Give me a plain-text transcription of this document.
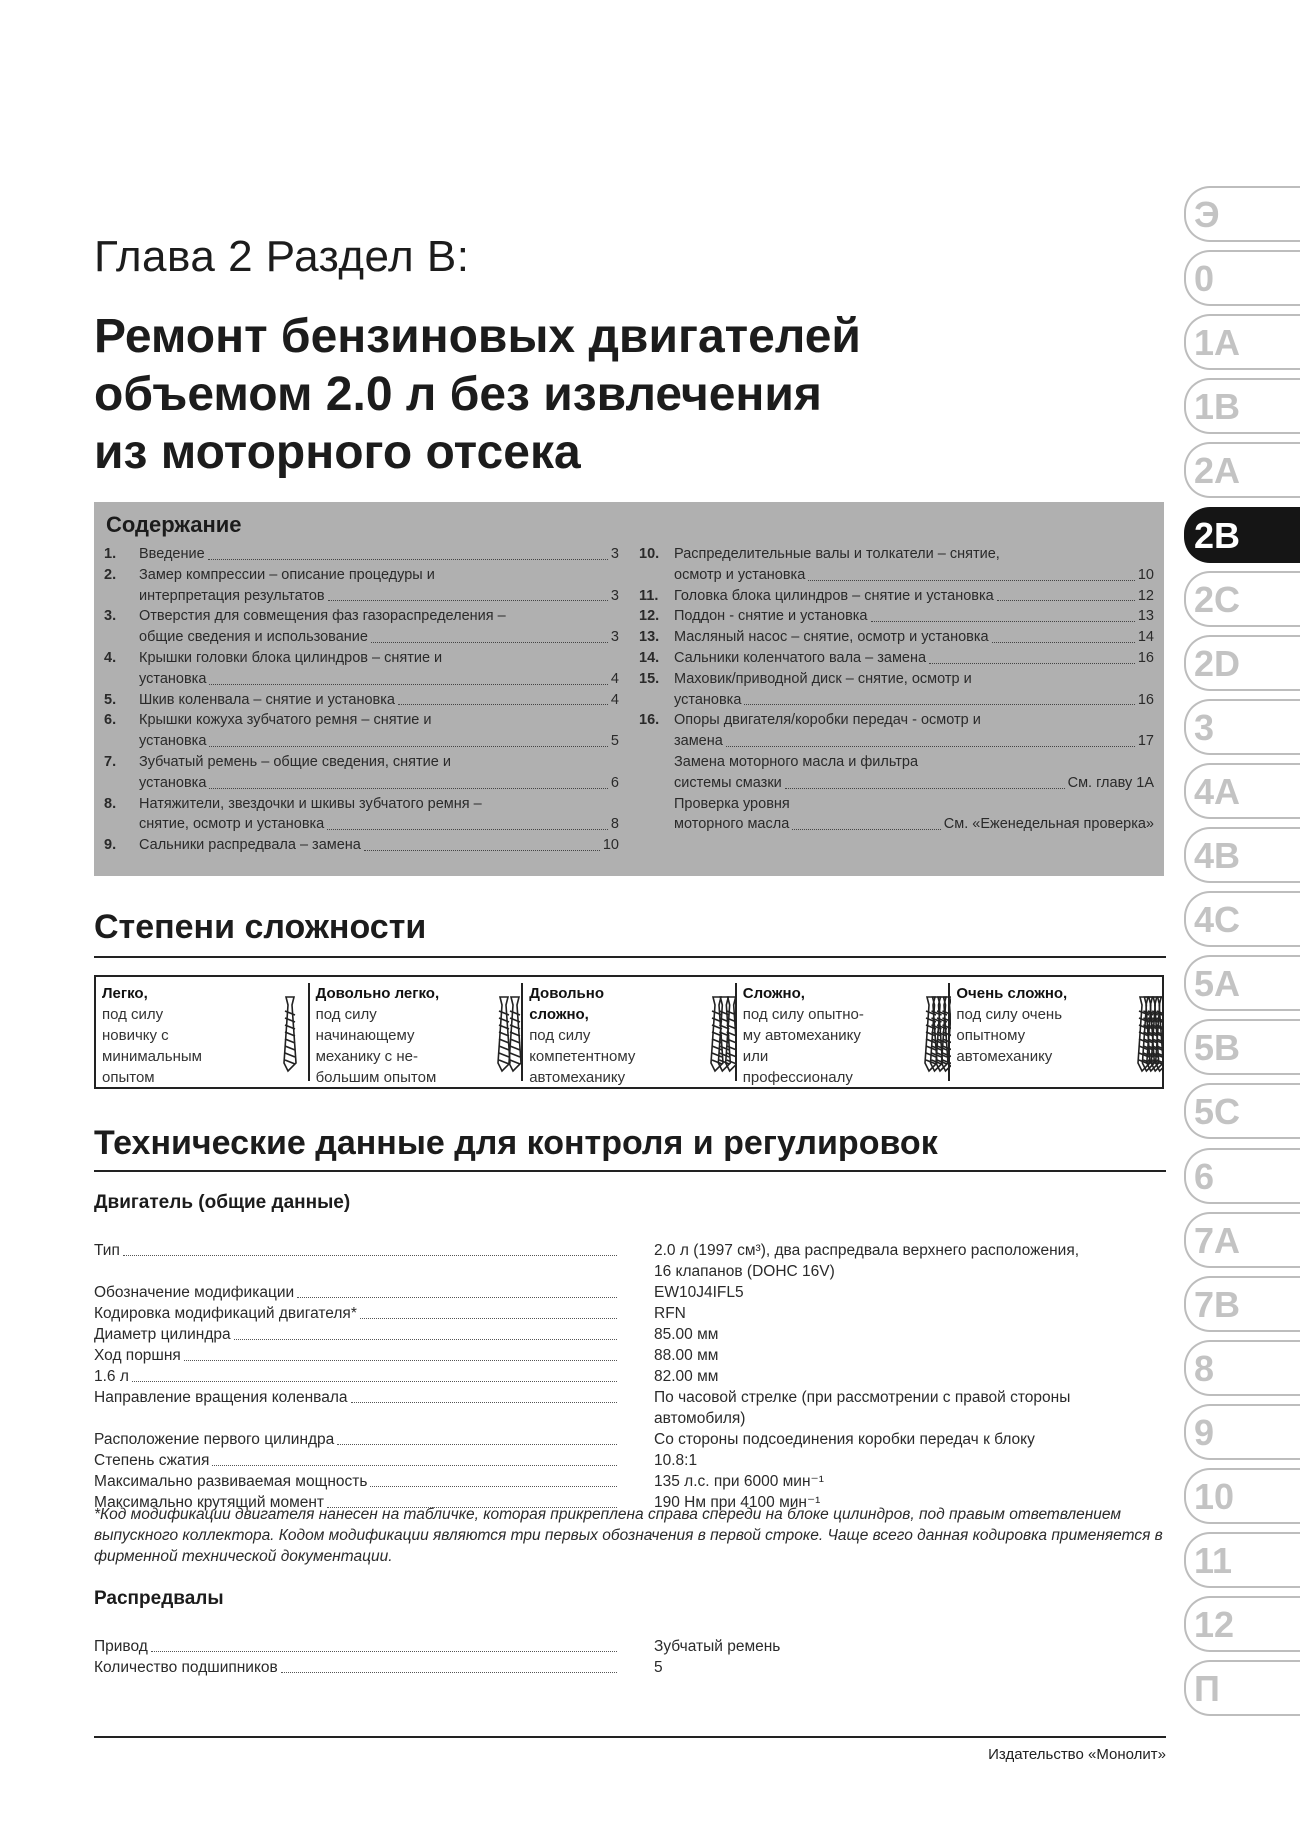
Глава 2 Раздел В:
Ремонт бензиновых двигателей
объемом 2.0 л без извлечения
из моторного отсека
Содержание
1.	Введение	3
2.	Замер компрессии – описание процедуры и
интерпретация результатов	3
3.	Отверстия для совмещения фаз газораспределения –
общие сведения и использование	3
4.	Крышки головки блока цилиндров – снятие и
установка	4
5.	Шкив коленвала – снятие и установка	4
6.	Крышки кожуха зубчатого ремня – снятие и
установка	5
7.	Зубчатый ремень – общие сведения, снятие и
установка	6
8.	Натяжители, звездочки и шкивы зубчатого ремня –
снятие, осмотр и установка	8
9.	Сальники распредвала – замена	10
10.	Распределительные валы и толкатели – снятие,
осмотр и установка	10
11.	Головка блока цилиндров – снятие и установка	12
12.	Поддон - снятие и установка	13
13.	Масляный насос – снятие, осмотр и установка	14
14.	Сальники коленчатого вала – замена	16
15.	Маховик/приводной диск – снятие, осмотр и
установка	16
16.	Опоры двигателя/коробки передач - осмотр и
замена	17
Замена моторного масла и фильтра
системы смазки	См. главу 1А
Проверка уровня
моторного масла	См. «Еженедельная проверка»
Степени сложности
Легко,
под силу
новичку с
минимальным
опытом
Довольно легко,
под силу
начинающему
механику с не-
большим опытом
Довольно
сложно,
под силу
компетентному
автомеханику
Сложно,
под силу опытно-
му автомеханику
или
профессионалу
Очень сложно,
под силу очень
опытному
автомеханику
Технические данные для контроля и регулировок
Двигатель (общие данные)
Тип	2.0 л (1997 см³), два распредвала верхнего расположения,
16 клапанов (DOHC 16V)
Обозначение модификации	EW10J4IFL5
Кодировка модификаций двигателя*	RFN
Диаметр цилиндра	85.00 мм
Ход поршня	88.00 мм
1.6 л	82.00 мм
Направление вращения коленвала	По часовой стрелке (при рассмотрении с правой стороны
автомобиля)
Расположение первого цилиндра	Со стороны подсоединения коробки передач к блоку
Степень сжатия	10.8:1
Максимально развиваемая мощность	135 л.с. при 6000 мин⁻¹
Максимально крутящий момент	190 Нм при 4100 мин⁻¹
*Код модификации двигателя нанесен на табличке, которая прикреплена справа спереди на блоке цилиндров, под правым ответвлением выпускного коллектора. Кодом модификации являются три первых обозначения в первой строке. Чаще всего данная кодировка применяется в фирменной технической документации.
Распредвалы
Привод	Зубчатый ремень
Количество подшипников	5
Издательство «Монолит»
Э
0
1A
1B
2A
2B
2C
2D
3
4A
4B
4C
5A
5B
5C
6
7A
7B
8
9
10
11
12
П
